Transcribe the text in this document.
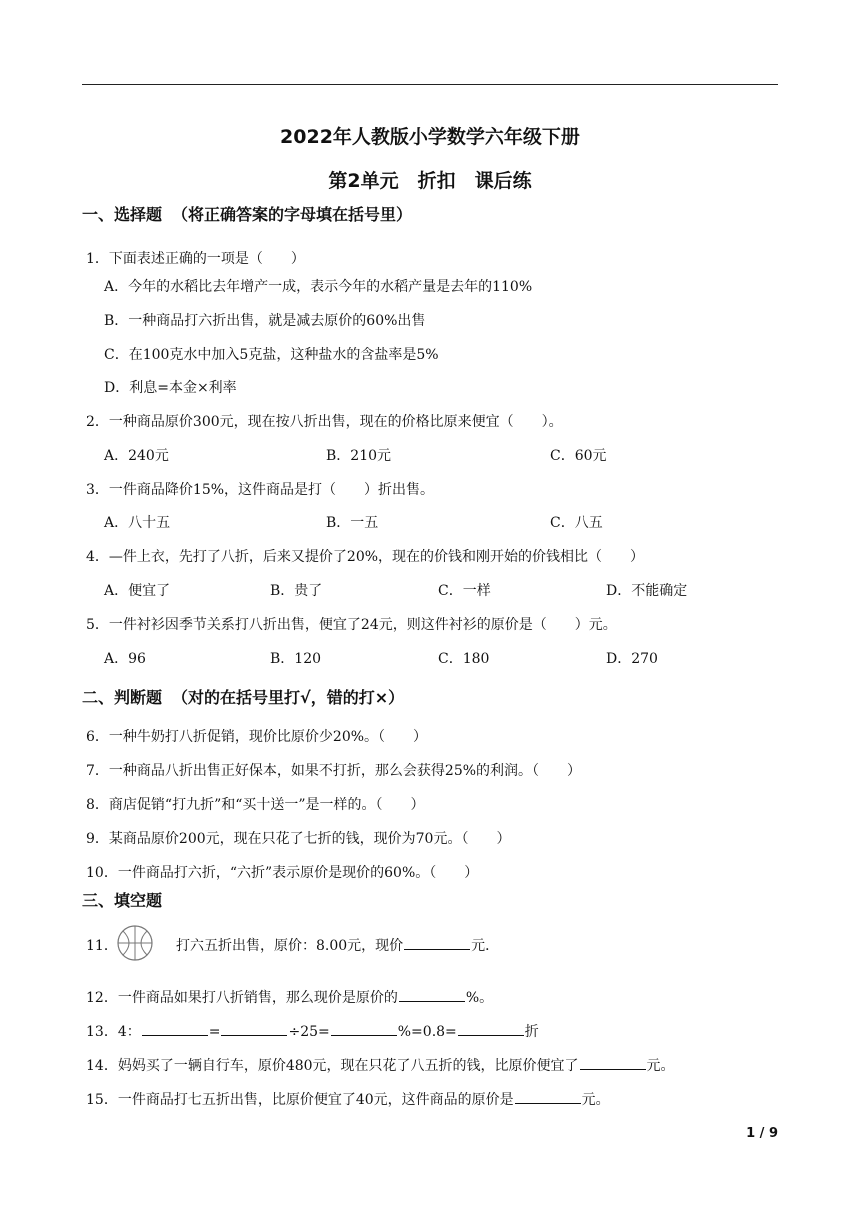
2022年人教版小学数学六年级下册
第2单元　折扣　课后练
一、选择题 （将正确答案的字母填在括号里）
1．下面表述正确的一项是（　　）
A．今年的水稻比去年增产一成，表示今年的水稻产量是去年的110%
B．一种商品打六折出售，就是减去原价的60%出售
C．在100克水中加入5克盐，这种盐水的含盐率是5%
D．利息=本金×利率
2．一种商品原价300元，现在按八折出售，现在的价格比原来便宜（　　）。
A．240元	B．210元	C．60元
3．一件商品降价15%，这件商品是打（　　）折出售。
A．八十五	B．一五	C．八五
4．—件上衣，先打了八折，后来又提价了20%，现在的价钱和刚开始的价钱相比（　　）
A．便宜了	B．贵了	C．一样	D．不能确定
5．一件衬衫因季节关系打八折出售，便宜了24元，则这件衬衫的原价是（　　）元。
A．96	B．120	C．180	D．270
二、判断题 （对的在括号里打√，错的打×）
6．一种牛奶打八折促销，现价比原价少20%。（　　）
7．一种商品八折出售正好保本，如果不打折，那么会获得25%的利润。（　　）
8．商店促销“打九折”和“买十送一”是一样的。（　　）
9．某商品原价200元，现在只花了七折的钱，现价为70元。（　　）
10．一件商品打六折，“六折”表示原价是现价的60%。（　　）
三、填空题
11．	打六五折出售，原价：8.00元，现价	元．
12．一件商品如果打八折销售，那么现价是原价的	%。
13．4：	=	÷25=	%=0.8=	折
14．妈妈买了一辆自行车，原价480元，现在只花了八五折的钱，比原价便宜了	元。
15．一件商品打七五折出售，比原价便宜了40元，这件商品的原价是	元。
1 / 9
